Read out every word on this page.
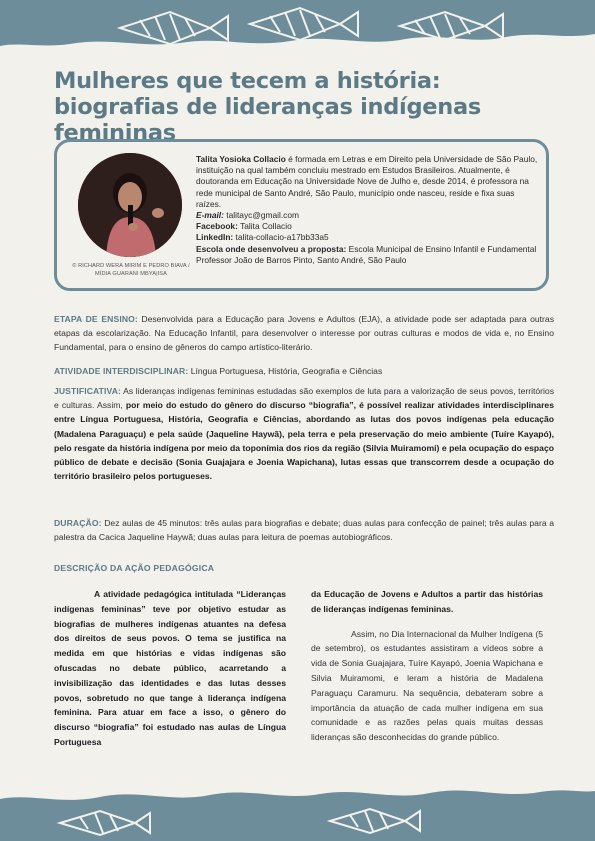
Mulheres que tecem a história: biografias de lideranças indígenas femininas
© RICHARD WERA MIRIM E PEDRO BIAVA / MÍDIA GUARANI MBYA|ISA

Talita Yosioka Collacio é formada em Letras e em Direito pela Universidade de São Paulo, instituição na qual também concluiu mestrado em Estudos Brasileiros. Atualmente, é doutoranda em Educação na Universidade Nove de Julho e, desde 2014, é professora na rede municipal de Santo André, São Paulo, município onde nasceu, reside e fixa suas raízes.

E-mail: talitayc@gmail.com

Facebook: Talita Collacio

LinkedIn: talita-collacio-a17bb33a5

Escola onde desenvolveu a proposta: Escola Municipal de Ensino Infantil e Fundamental Professor João de Barros Pinto, Santo André, São Paulo

ETAPA DE ENSINO: Desenvolvida para a Educação para Jovens e Adultos (EJA), a atividade pode ser adaptada para outras etapas da escolarização. Na Educação Infantil, para desenvolver o interesse por outras culturas e modos de vida e, no Ensino Fundamental, para o ensino de gêneros do campo artístico-literário.
ATIVIDADE INTERDISCIPLINAR: Língua Portuguesa, História, Geografia e Ciências
JUSTIFICATIVA: As lideranças indígenas femininas estudadas são exemplos de luta para a valorização de seus povos, territórios e culturas. Assim, por meio do estudo do gênero do discurso “biografia”, é possível realizar atividades interdisciplinares entre Língua Portuguesa, História, Geografia e Ciências, abordando as lutas dos povos indígenas pela educação (Madalena Paraguaçu) e pela saúde (Jaqueline Haywã), pela terra e pela preservação do meio ambiente (Tuíre Kayapó), pelo resgate da história indígena por meio da toponímia dos rios da região (Silvia Muiramomi) e pela ocupação do espaço público de debate e decisão (Sonia Guajajara e Joenia Wapichana), lutas essas que transcorrem desde a ocupação do território brasileiro pelos portugueses.
DURAÇÃO: Dez aulas de 45 minutos: três aulas para biografias e debate; duas aulas para confecção de painel; três aulas para a palestra da Cacica Jaqueline Haywã; duas aulas para leitura de poemas autobiográficos.
DESCRIÇÃO DA AÇÃO PEDAGÓGICA

A atividade pedagógica intitulada “Lideranças indígenas femininas” teve por objetivo estudar as biografias de mulheres indígenas atuantes na defesa dos direitos de seus povos. O tema se justifica na medida em que histórias e vidas indígenas são ofuscadas no debate público, acarretando a invisibilização das identidades e das lutas desses povos, sobretudo no que tange à liderança indígena feminina. Para atuar em face a isso, o gênero do discurso “biografia” foi estudado nas aulas de Língua Portuguesa

da Educação de Jovens e Adultos a partir das histórias de lideranças indígenas femininas.

Assim, no Dia Internacional da Mulher Indígena (5 de setembro), os estudantes assistiram a vídeos sobre a vida de Sonia Guajajara, Tuíre Kayapó, Joenia Wapichana e Silvia Muiramomi, e leram a história de Madalena Paraguaçu Caramuru. Na sequência, debateram sobre a importância da atuação de cada mulher indígena em sua comunidade e as razões pelas quais muitas dessas lideranças são desconhecidas do grande público.
